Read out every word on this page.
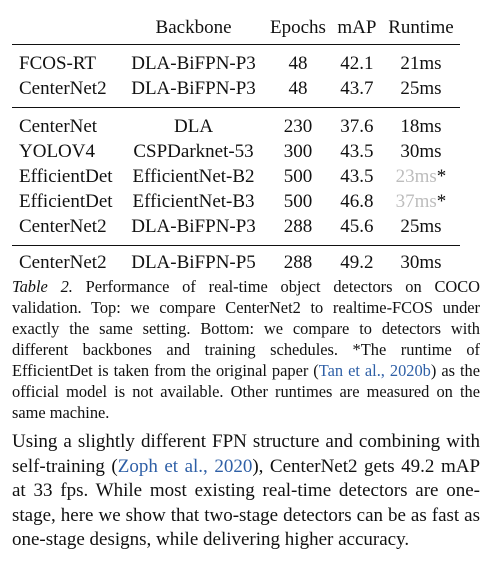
	Backbone	Epochs	mAP	Runtime
FCOS-RT	DLA-BiFPN-P3	48	42.1	21ms
CenterNet2	DLA-BiFPN-P3	48	43.7	25ms
CenterNet	DLA	230	37.6	18ms
YOLOV4	CSPDarknet-53	300	43.5	30ms
EfficientDet	EfficientNet-B2	500	43.5	23ms*
EfficientDet	EfficientNet-B3	500	46.8	37ms*
CenterNet2	DLA-BiFPN-P3	288	45.6	25ms
CenterNet2	DLA-BiFPN-P5	288	49.2	30ms
Table 2. Performance of real-time object detectors on COCO validation. Top: we compare CenterNet2 to realtime-FCOS under exactly the same setting. Bottom: we compare to detectors with different backbones and training schedules. *The runtime of EfficientDet is taken from the original paper (Tan et al., 2020b) as the official model is not available. Other runtimes are measured on the same machine.
Using a slightly different FPN structure and combining with self-training (Zoph et al., 2020), CenterNet2 gets 49.2 mAP at 33 fps. While most existing real-time detectors are one-stage, here we show that two-stage detectors can be as fast as one-stage designs, while delivering higher accuracy.
